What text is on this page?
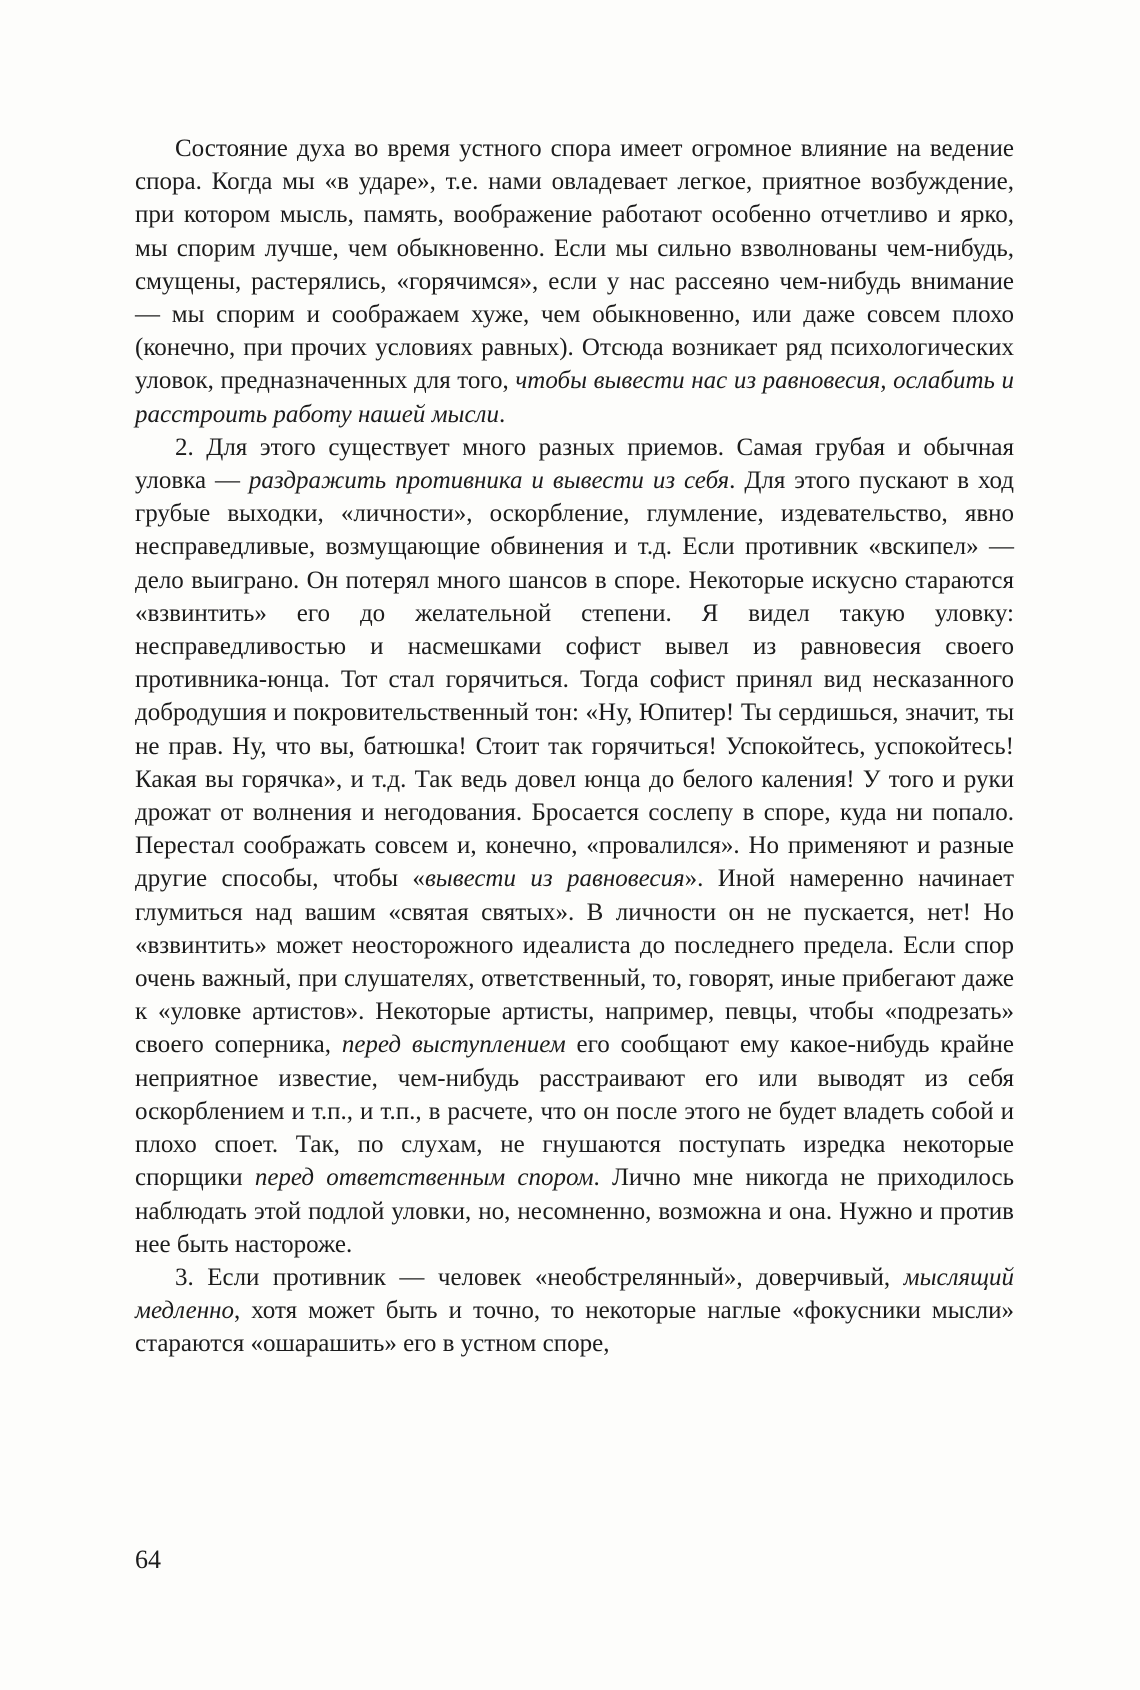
Состояние духа во время устного спора имеет огромное влияние на ведение спора. Когда мы «в ударе», т.е. нами овладевает легкое, приятное возбуждение, при котором мысль, память, воображение работают особенно отчетливо и ярко, мы спорим лучше, чем обыкновенно. Если мы сильно взволнованы чем-нибудь, смущены, растерялись, «горячимся», если у нас рассеяно чем-нибудь внимание — мы спорим и соображаем хуже, чем обыкновенно, или даже совсем плохо (конечно, при прочих условиях равных). Отсюда возникает ряд психологических уловок, предназначенных для того, чтобы вывести нас из равновесия, ослабить и расстроить работу нашей мысли.

2. Для этого существует много разных приемов. Самая грубая и обычная уловка — раздражить противника и вывести из себя. Для этого пускают в ход грубые выходки, «личности», оскорбление, глумление, издевательство, явно несправедливые, возмущающие обвинения и т.д. Если противник «вскипел» — дело выиграно. Он потерял много шансов в споре. Некоторые искусно стараются «взвинтить» его до желательной степени. Я видел такую уловку: несправедливостью и насмешками софист вывел из равновесия своего противника-юнца. Тот стал горячиться. Тогда софист принял вид несказанного добродушия и покровительственный тон: «Ну, Юпитер! Ты сердишься, значит, ты не прав. Ну, что вы, батюшка! Стоит так горячиться! Успокойтесь, успокойтесь! Какая вы горячка», и т.д. Так ведь довел юнца до белого каления! У того и руки дрожат от волнения и негодования. Бросается сослепу в споре, куда ни попало. Перестал соображать совсем и, конечно, «провалился». Но применяют и разные другие способы, чтобы «вывести из равновесия». Иной намеренно начинает глумиться над вашим «святая святых». В личности он не пускается, нет! Но «взвинтить» может неосторожного идеалиста до последнего предела. Если спор очень важный, при слушателях, ответственный, то, говорят, иные прибегают даже к «уловке артистов». Некоторые артисты, например, певцы, чтобы «подрезать» своего соперника, перед выступлением его сообщают ему какое-нибудь крайне неприятное известие, чем-нибудь расстраивают его или выводят из себя оскорблением и т.п., и т.п., в расчете, что он после этого не будет владеть собой и плохо споет. Так, по слухам, не гнушаются поступать изредка некоторые спорщики перед ответственным спором. Лично мне никогда не приходилось наблюдать этой подлой уловки, но, несомненно, возможна и она. Нужно и против нее быть настороже.

3. Если противник — человек «необстрелянный», доверчивый, мыслящий медленно, хотя может быть и точно, то некоторые наглые «фокусники мысли» стараются «ошарашить» его в устном споре,

64
